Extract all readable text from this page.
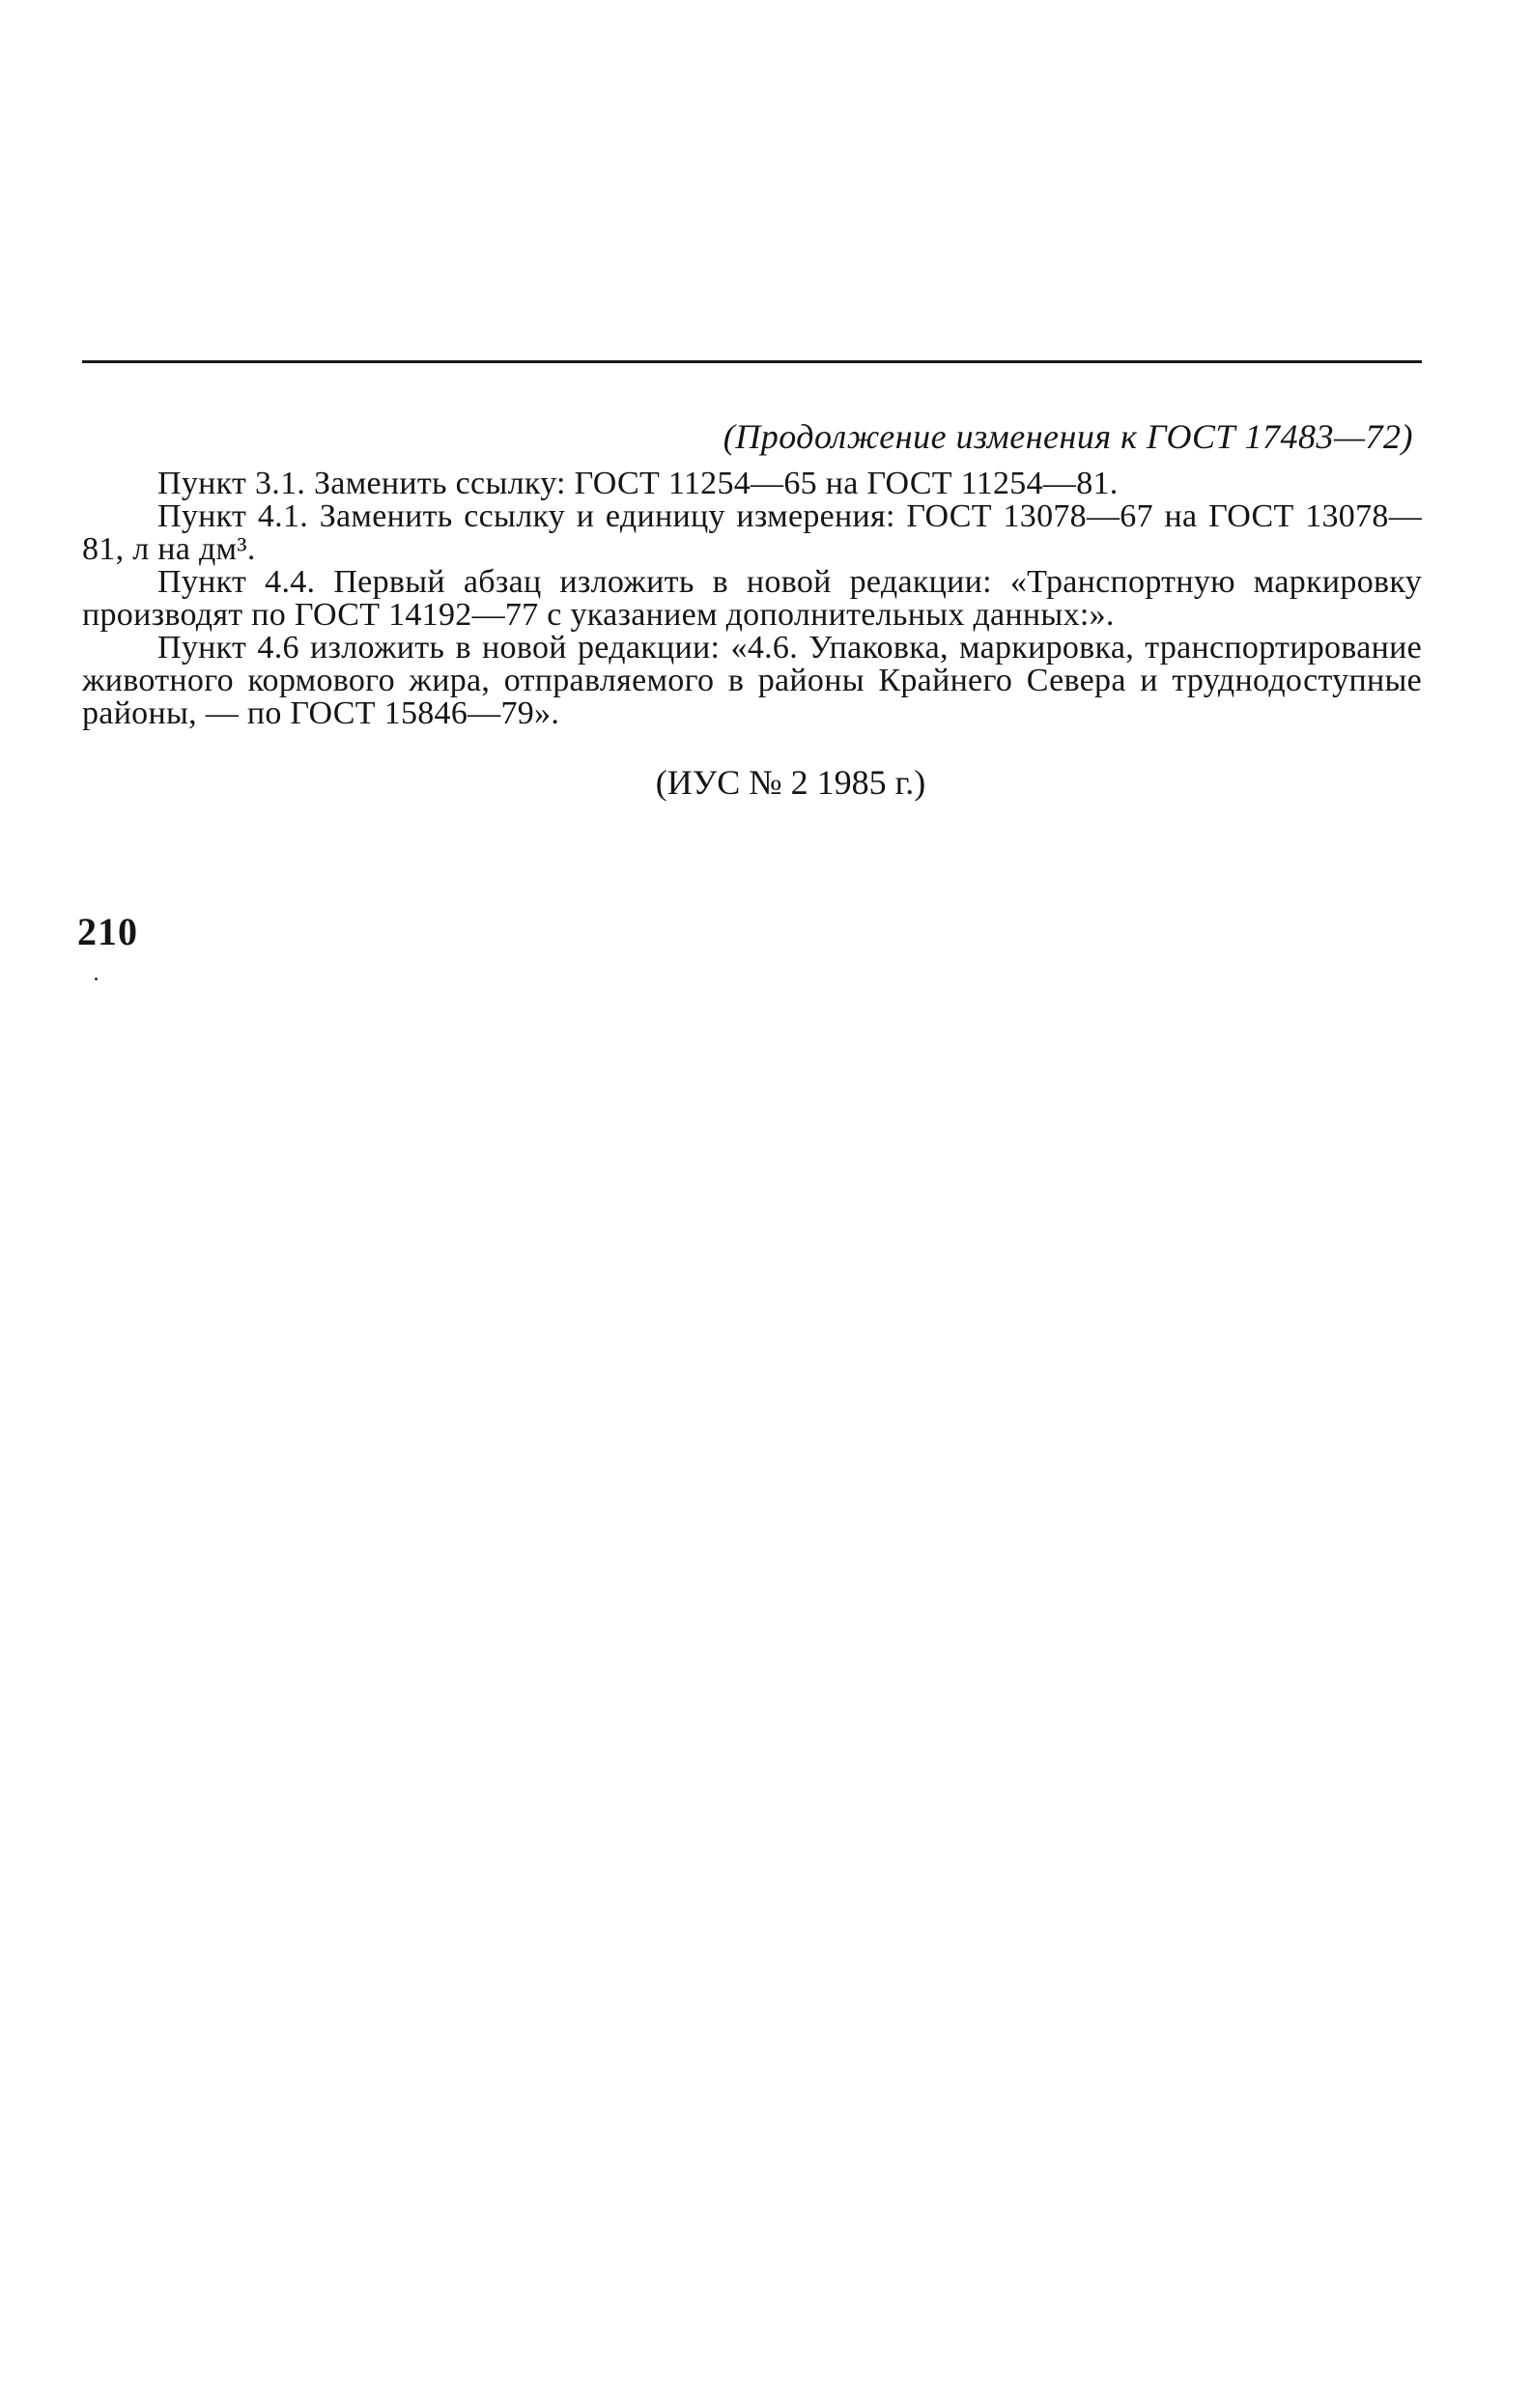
(Продолжение изменения к ГОСТ 17483—72)

Пункт 3.1. Заменить ссылку: ГОСТ 11254—65 на ГОСТ 11254—81.

Пункт 4.1. Заменить ссылку и единицу измерения: ГОСТ 13078—67 на ГОСТ 13078—81, л на дм³.

Пункт 4.4. Первый абзац изложить в новой редакции: «Транспортную маркировку производят по ГОСТ 14192—77 с указанием дополнительных данных:».

Пункт 4.6 изложить в новой редакции: «4.6. Упаковка, маркировка, транспортирование животного кормового жира, отправляемого в районы Крайнего Севера и труднодоступные районы, — по ГОСТ 15846—79».

(ИУС № 2 1985 г.)
210
